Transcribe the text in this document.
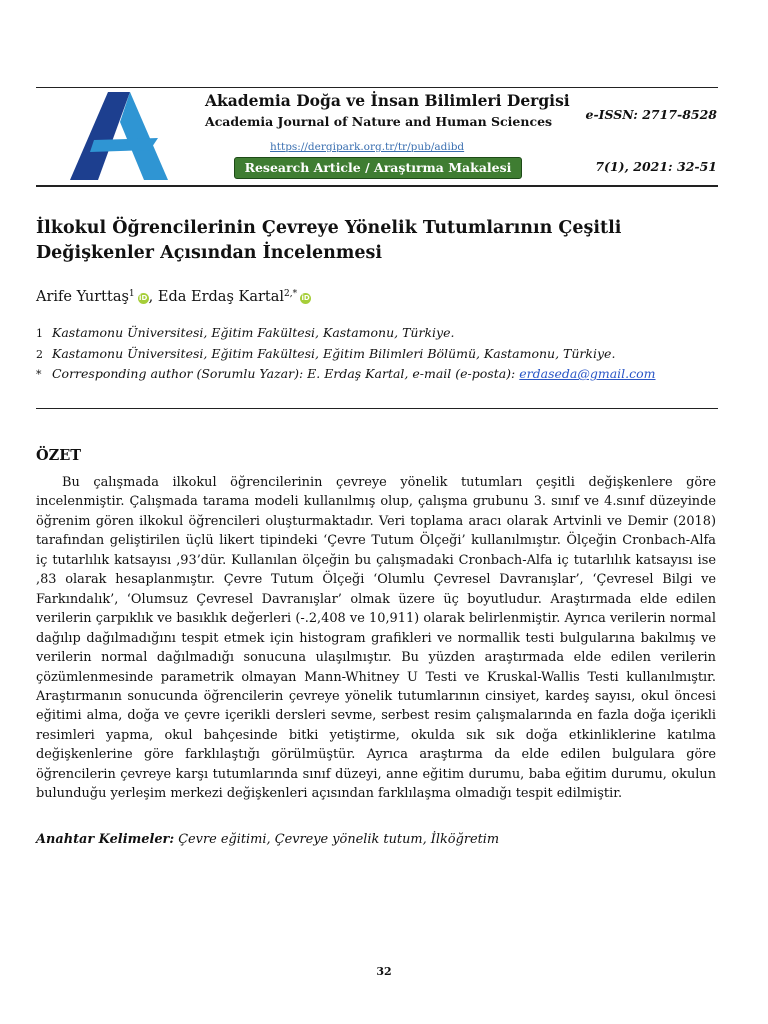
Akademia Doğa ve İnsan Bilimleri Dergisi
Academia Journal of Nature and Human Sciences
https://dergipark.org.tr/tr/pub/adibd
Research Article / Araştırma Makalesi
e-ISSN: 2717-8528
7(1), 2021: 32-51
İlkokul Öğrencilerinin Çevreye Yönelik Tutumlarının Çeşitli Değişkenler Açısından İncelenmesi
Arife Yurttaş$^1$ iD, Eda Erdaş Kartal$^{2,*}$ iD
1 Kastamonu Üniversitesi, Eğitim Fakültesi, Kastamonu, Türkiye.
2 Kastamonu Üniversitesi, Eğitim Fakültesi, Eğitim Bilimleri Bölümü, Kastamonu, Türkiye.
* Corresponding author (Sorumlu Yazar): E. Erdaş Kartal, e-mail (e-posta): erdaseda@gmail.com
ÖZET

Bu çalışmada ilkokul öğrencilerinin çevreye yönelik tutumları çeşitli değişkenlere göre incelenmiştir. Çalışmada tarama modeli kullanılmış olup, çalışma grubunu 3. sınıf ve 4.sınıf düzeyinde öğrenim gören ilkokul öğrencileri oluşturmaktadır. Veri toplama aracı olarak Artvinli ve Demir (2018) tarafından geliştirilen üçlü likert tipindeki ‘Çevre Tutum Ölçeği’ kullanılmıştır. Ölçeğin Cronbach-Alfa iç tutarlılık katsayısı ,93’dür. Kullanılan ölçeğin bu çalışmadaki Cronbach-Alfa iç tutarlılık katsayısı ise ,83 olarak hesaplanmıştır. Çevre Tutum Ölçeği ‘Olumlu Çevresel Davranışlar’, ‘Çevresel Bilgi ve Farkındalık’, ‘Olumsuz Çevresel Davranışlar’ olmak üzere üç boyutludur. Araştırmada elde edilen verilerin çarpıklık ve basıklık değerleri (-.2,408 ve 10,911) olarak belirlenmiştir. Ayrıca verilerin normal dağılıp dağılmadığını tespit etmek için histogram grafikleri ve normallik testi bulgularına bakılmış ve verilerin normal dağılmadığı sonucuna ulaşılmıştır. Bu yüzden araştırmada elde edilen verilerin çözümlenmesinde parametrik olmayan Mann-Whitney U Testi ve Kruskal-Wallis Testi kullanılmıştır. Araştırmanın sonucunda öğrencilerin çevreye yönelik tutumlarının cinsiyet, kardeş sayısı, okul öncesi eğitimi alma, doğa ve çevre içerikli dersleri sevme, serbest resim çalışmalarında en fazla doğa içerikli resimleri yapma, okul bahçesinde bitki yetiştirme, okulda sık sık doğa etkinliklerine katılma değişkenlerine göre farklılaştığı görülmüştür. Ayrıca araştırma da elde edilen bulgulara göre öğrencilerin çevreye karşı tutumlarında sınıf düzeyi, anne eğitim durumu, baba eğitim durumu, okulun bulunduğu yerleşim merkezi değişkenleri açısından farklılaşma olmadığı tespit edilmiştir.

Anahtar Kelimeler: Çevre eğitimi, Çevreye yönelik tutum, İlköğretim
32
